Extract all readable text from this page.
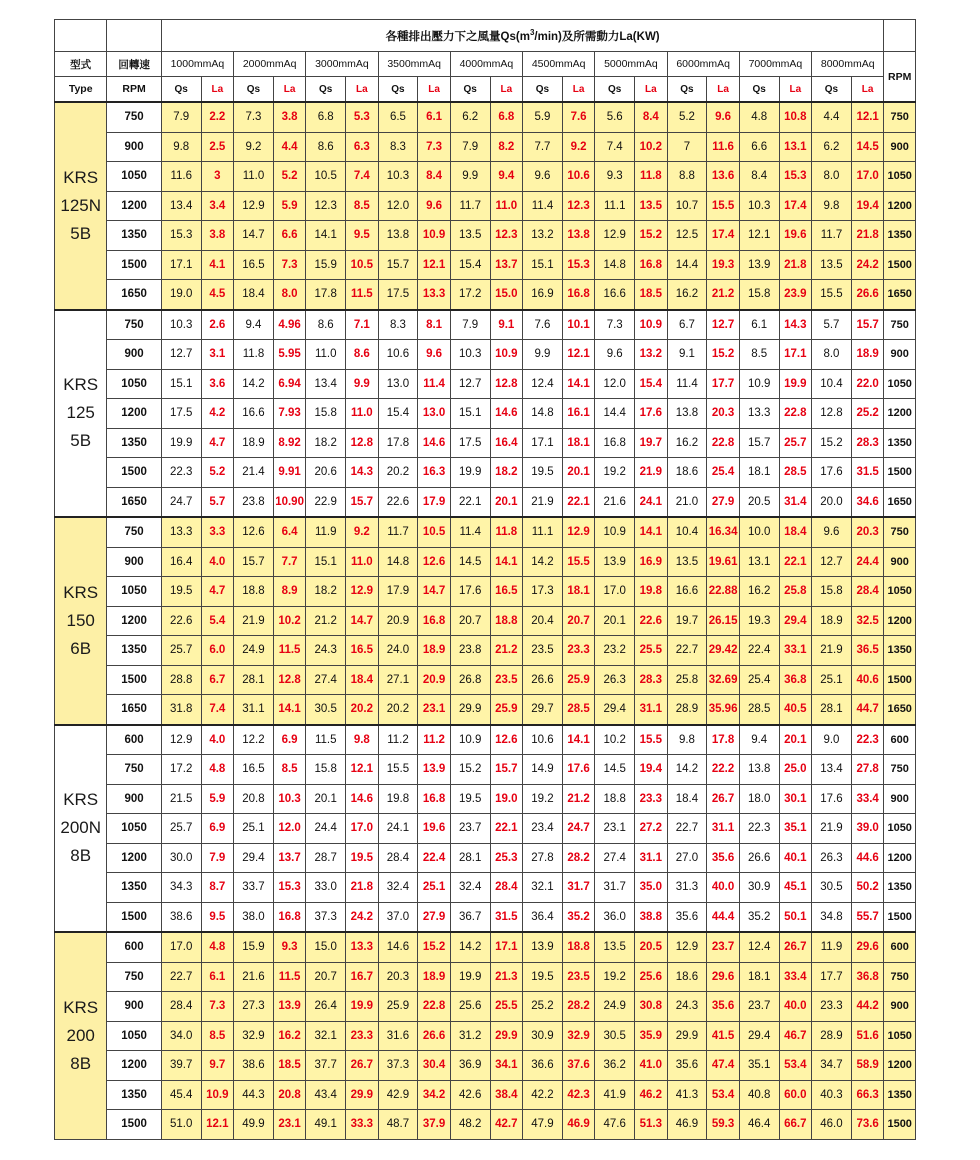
		各種排出壓力下之風量$Qs(m^3/\min)$及所需動力La(KW)																				
型式	回轉速	1000mmAq		2000mmAq		3000mmAq		3500mmAq		4000mmAq		4500mmAq		5000mmAq		6000mmAq		7000mmAq		8000mmAq		RPM
Type	RPM	Qs	La	Qs	La	Qs	La	Qs	La	Qs	La	Qs	La	Qs	La	Qs	La	Qs	La	Qs	La	
KRS
125N
5B	750	7.9	2.2	7.3	3.8	6.8	5.3	6.5	6.1	6.2	6.8	5.9	7.6	5.6	8.4	5.2	9.6	4.8	10.8	4.4	12.1	750
	900	9.8	2.5	9.2	4.4	8.6	6.3	8.3	7.3	7.9	8.2	7.7	9.2	7.4	10.2	7	11.6	6.6	13.1	6.2	14.5	900
	1050	11.6	3	11.0	5.2	10.5	7.4	10.3	8.4	9.9	9.4	9.6	10.6	9.3	11.8	8.8	13.6	8.4	15.3	8.0	17.0	1050
	1200	13.4	3.4	12.9	5.9	12.3	8.5	12.0	9.6	11.7	11.0	11.4	12.3	11.1	13.5	10.7	15.5	10.3	17.4	9.8	19.4	1200
	1350	15.3	3.8	14.7	6.6	14.1	9.5	13.8	10.9	13.5	12.3	13.2	13.8	12.9	15.2	12.5	17.4	12.1	19.6	11.7	21.8	1350
	1500	17.1	4.1	16.5	7.3	15.9	10.5	15.7	12.1	15.4	13.7	15.1	15.3	14.8	16.8	14.4	19.3	13.9	21.8	13.5	24.2	1500
	1650	19.0	4.5	18.4	8.0	17.8	11.5	17.5	13.3	17.2	15.0	16.9	16.8	16.6	18.5	16.2	21.2	15.8	23.9	15.5	26.6	1650
KRS
125
5B	750	10.3	2.6	9.4	4.96	8.6	7.1	8.3	8.1	7.9	9.1	7.6	10.1	7.3	10.9	6.7	12.7	6.1	14.3	5.7	15.7	750
	900	12.7	3.1	11.8	5.95	11.0	8.6	10.6	9.6	10.3	10.9	9.9	12.1	9.6	13.2	9.1	15.2	8.5	17.1	8.0	18.9	900
	1050	15.1	3.6	14.2	6.94	13.4	9.9	13.0	11.4	12.7	12.8	12.4	14.1	12.0	15.4	11.4	17.7	10.9	19.9	10.4	22.0	1050
	1200	17.5	4.2	16.6	7.93	15.8	11.0	15.4	13.0	15.1	14.6	14.8	16.1	14.4	17.6	13.8	20.3	13.3	22.8	12.8	25.2	1200
	1350	19.9	4.7	18.9	8.92	18.2	12.8	17.8	14.6	17.5	16.4	17.1	18.1	16.8	19.7	16.2	22.8	15.7	25.7	15.2	28.3	1350
	1500	22.3	5.2	21.4	9.91	20.6	14.3	20.2	16.3	19.9	18.2	19.5	20.1	19.2	21.9	18.6	25.4	18.1	28.5	17.6	31.5	1500
	1650	24.7	5.7	23.8	10.90	22.9	15.7	22.6	17.9	22.1	20.1	21.9	22.1	21.6	24.1	21.0	27.9	20.5	31.4	20.0	34.6	1650
KRS
150
6B	750	13.3	3.3	12.6	6.4	11.9	9.2	11.7	10.5	11.4	11.8	11.1	12.9	10.9	14.1	10.4	16.34	10.0	18.4	9.6	20.3	750
	900	16.4	4.0	15.7	7.7	15.1	11.0	14.8	12.6	14.5	14.1	14.2	15.5	13.9	16.9	13.5	19.61	13.1	22.1	12.7	24.4	900
	1050	19.5	4.7	18.8	8.9	18.2	12.9	17.9	14.7	17.6	16.5	17.3	18.1	17.0	19.8	16.6	22.88	16.2	25.8	15.8	28.4	1050
	1200	22.6	5.4	21.9	10.2	21.2	14.7	20.9	16.8	20.7	18.8	20.4	20.7	20.1	22.6	19.7	26.15	19.3	29.4	18.9	32.5	1200
	1350	25.7	6.0	24.9	11.5	24.3	16.5	24.0	18.9	23.8	21.2	23.5	23.3	23.2	25.5	22.7	29.42	22.4	33.1	21.9	36.5	1350
	1500	28.8	6.7	28.1	12.8	27.4	18.4	27.1	20.9	26.8	23.5	26.6	25.9	26.3	28.3	25.8	32.69	25.4	36.8	25.1	40.6	1500
	1650	31.8	7.4	31.1	14.1	30.5	20.2	20.2	23.1	29.9	25.9	29.7	28.5	29.4	31.1	28.9	35.96	28.5	40.5	28.1	44.7	1650
KRS
200N
8B	600	12.9	4.0	12.2	6.9	11.5	9.8	11.2	11.2	10.9	12.6	10.6	14.1	10.2	15.5	9.8	17.8	9.4	20.1	9.0	22.3	600
	750	17.2	4.8	16.5	8.5	15.8	12.1	15.5	13.9	15.2	15.7	14.9	17.6	14.5	19.4	14.2	22.2	13.8	25.0	13.4	27.8	750
	900	21.5	5.9	20.8	10.3	20.1	14.6	19.8	16.8	19.5	19.0	19.2	21.2	18.8	23.3	18.4	26.7	18.0	30.1	17.6	33.4	900
	1050	25.7	6.9	25.1	12.0	24.4	17.0	24.1	19.6	23.7	22.1	23.4	24.7	23.1	27.2	22.7	31.1	22.3	35.1	21.9	39.0	1050
	1200	30.0	7.9	29.4	13.7	28.7	19.5	28.4	22.4	28.1	25.3	27.8	28.2	27.4	31.1	27.0	35.6	26.6	40.1	26.3	44.6	1200
	1350	34.3	8.7	33.7	15.3	33.0	21.8	32.4	25.1	32.4	28.4	32.1	31.7	31.7	35.0	31.3	40.0	30.9	45.1	30.5	50.2	1350
	1500	38.6	9.5	38.0	16.8	37.3	24.2	37.0	27.9	36.7	31.5	36.4	35.2	36.0	38.8	35.6	44.4	35.2	50.1	34.8	55.7	1500
KRS
200
8B	600	17.0	4.8	15.9	9.3	15.0	13.3	14.6	15.2	14.2	17.1	13.9	18.8	13.5	20.5	12.9	23.7	12.4	26.7	11.9	29.6	600
	750	22.7	6.1	21.6	11.5	20.7	16.7	20.3	18.9	19.9	21.3	19.5	23.5	19.2	25.6	18.6	29.6	18.1	33.4	17.7	36.8	750
	900	28.4	7.3	27.3	13.9	26.4	19.9	25.9	22.8	25.6	25.5	25.2	28.2	24.9	30.8	24.3	35.6	23.7	40.0	23.3	44.2	900
	1050	34.0	8.5	32.9	16.2	32.1	23.3	31.6	26.6	31.2	29.9	30.9	32.9	30.5	35.9	29.9	41.5	29.4	46.7	28.9	51.6	1050
	1200	39.7	9.7	38.6	18.5	37.7	26.7	37.3	30.4	36.9	34.1	36.6	37.6	36.2	41.0	35.6	47.4	35.1	53.4	34.7	58.9	1200
	1350	45.4	10.9	44.3	20.8	43.4	29.9	42.9	34.2	42.6	38.4	42.2	42.3	41.9	46.2	41.3	53.4	40.8	60.0	40.3	66.3	1350
	1500	51.0	12.1	49.9	23.1	49.1	33.3	48.7	37.9	48.2	42.7	47.9	46.9	47.6	51.3	46.9	59.3	46.4	66.7	46.0	73.6	1500
